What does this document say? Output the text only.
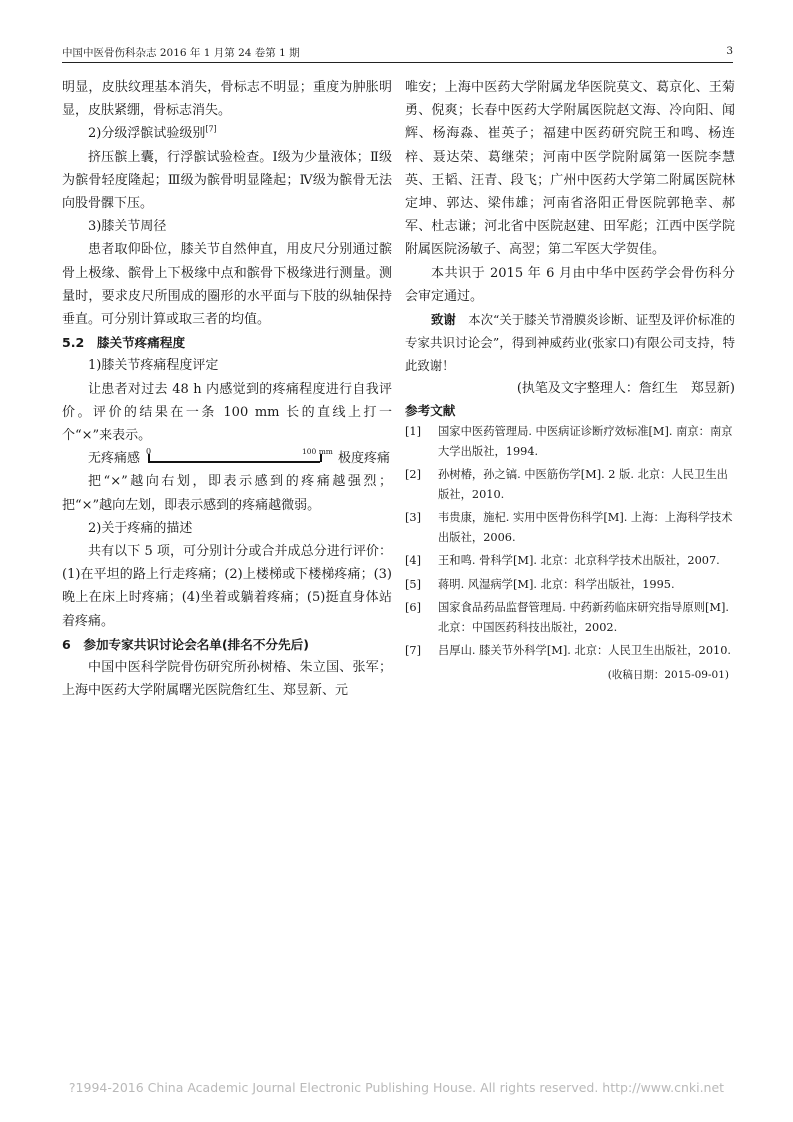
中国中医骨伤科杂志 2016 年 1 月第 24 卷第 1 期	3

明显，皮肤纹理基本消失，骨标志不明显；重度为肿胀明显，皮肤紧绷，骨标志消失。

2)分级浮髌试验级别[7]

挤压髌上囊，行浮髌试验检查。Ⅰ级为少量液体；Ⅱ级为髌骨轻度隆起；Ⅲ级为髌骨明显隆起；Ⅳ级为髌骨无法向股骨髁下压。

3)膝关节周径

患者取仰卧位，膝关节自然伸直，用皮尺分别通过髌骨上极缘、髌骨上下极缘中点和髌骨下极缘进行测量。测量时，要求皮尺所围成的圈形的水平面与下肢的纵轴保持垂直。可分别计算或取三者的均值。

5.2　膝关节疼痛程度

1)膝关节疼痛程度评定

让患者对过去 48 h 内感觉到的疼痛程度进行自我评价。评价的结果在一条 100 mm 长的直线上打一个“×”来表示。

无疼痛感 0	100 mm 极度疼痛

把“×”越向右划，即表示感到的疼痛越强烈；把“×”越向左划，即表示感到的疼痛越微弱。

2)关于疼痛的描述

共有以下 5 项，可分别计分或合并成总分进行评价：(1)在平坦的路上行走疼痛；(2)上楼梯或下楼梯疼痛；(3)晚上在床上时疼痛；(4)坐着或躺着疼痛；(5)挺直身体站着疼痛。

6　参加专家共识讨论会名单(排名不分先后)

中国中医科学院骨伤研究所孙树椿、朱立国、张军；上海中医药大学附属曙光医院詹红生、郑昱新、元

唯安；上海中医药大学附属龙华医院莫文、葛京化、王菊勇、倪爽；长春中医药大学附属医院赵文海、冷向阳、闻辉、杨海淼、崔英子；福建中医药研究院王和鸣、杨连梓、聂达荣、葛继荣；河南中医学院附属第一医院李慧英、王韬、汪青、段飞；广州中医药大学第二附属医院林定坤、郭达、梁伟雄；河南省洛阳正骨医院郭艳幸、郝军、杜志谦；河北省中医院赵建、田军彪；江西中医学院附属医院汤敏子、高翌；第二军医大学贺佳。

本共识于 2015 年 6 月由中华中医药学会骨伤科分会审定通过。

致谢　 本次“关于膝关节滑膜炎诊断、证型及评价标准的专家共识讨论会”，得到神威药业(张家口)有限公司支持，特此致谢！

(执笔及文字整理人：詹红生　郑昱新)

参考文献

[1] 国家中医药管理局. 中医病证诊断疗效标准[M]. 南京：南京大学出版社，1994.
[2] 孙树椿，孙之镐. 中医筋伤学[M]. 2 版. 北京：人民卫生出版社，2010.
[3] 韦贵康，施杞. 实用中医骨伤科学[M]. 上海：上海科学技术出版社，2006.
[4] 王和鸣. 骨科学[M]. 北京：北京科学技术出版社，2007.
[5] 蒋明. 风湿病学[M]. 北京：科学出版社，1995.
[6] 国家食品药品监督管理局. 中药新药临床研究指导原则[M]. 北京：中国医药科技出版社，2002.
[7] 吕厚山. 膝关节外科学[M]. 北京：人民卫生出版社，2010.

(收稿日期：2015-09-01)

?1994-2016 China Academic Journal Electronic Publishing House. All rights reserved. http://www.cnki.net
